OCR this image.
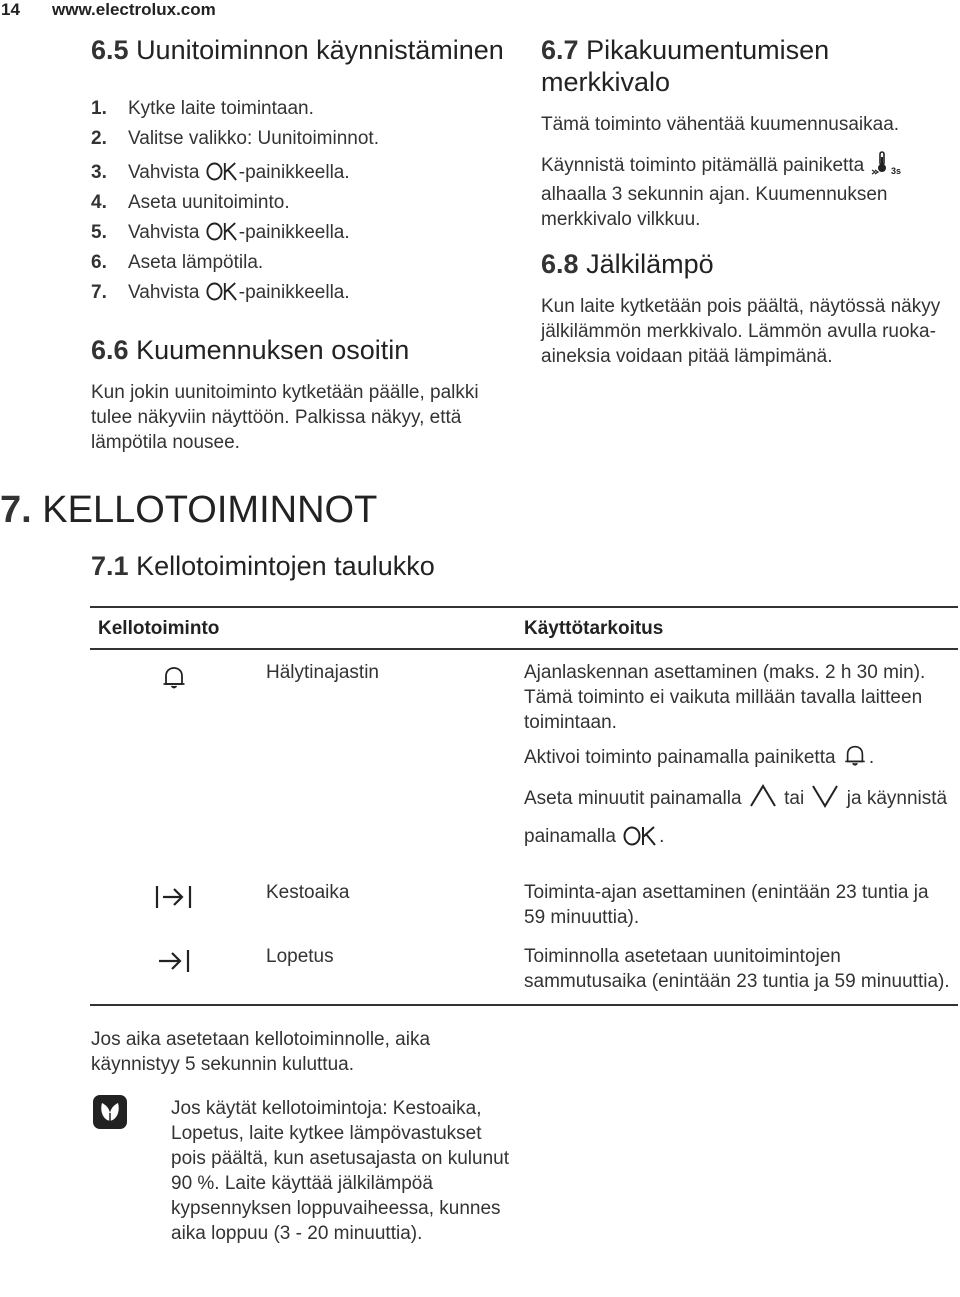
14 www.electrolux.com
6.5 Uunitoiminnon käynnistäminen
1. Kytke laite toimintaan.
2. Valitse valikko: Uunitoiminnot.
3. Vahvista -painikkeella.
4. Aseta uunitoiminto.
5. Vahvista -painikkeella.
6. Aseta lämpötila.
7. Vahvista -painikkeella.
6.6 Kuumennuksen osoitin

Kun jokin uunitoiminto kytketään päälle, palkki tulee näkyviin näyttöön. Palkissa näkyy, että lämpötila nousee.

6.7 Pikakuumentumisen merkkivalo

Tämä toiminto vähentää kuumennusaikaa.

Käynnistä toiminto pitämällä painiketta 3s
alhaalla 3 sekunnin ajan. Kuumennuksen merkkivalo vilkkuu.

6.8 Jälkilämpö

Kun laite kytketään pois päältä, näytössä näkyy jälkilämmön merkkivalo. Lämmön avulla ruoka-aineksia voidaan pitää lämpimänä.

7. KELLOTOIMINNOT
7.1 Kellotoimintojen taulukko
Kellotoiminto		Käyttötarkoitus
	Hälytinajastin	Ajanlaskennan asettaminen (maks. 2 h 30 min). Tämä toiminto ei vaikuta millään tavalla laitteen toimintaan.

Aktivoi toiminto painamalla painiketta .

Aseta minuutit painamalla  tai  ja käynnistä painamalla .

	Kestoaika	Toiminta-ajan asettaminen (enintään 23 tuntia ja 59 minuuttia).
	Lopetus	Toiminnolla asetetaan uunitoimintojen sammutusaika (enintään 23 tuntia ja 59 minuuttia).

Jos aika asetetaan kellotoiminnolle, aika käynnistyy 5 sekunnin kuluttua.

Jos käytät kellotoimintoja: Kestoaika, Lopetus, laite kytkee lämpövastukset pois päältä, kun asetusajasta on kulunut 90 %. Laite käyttää jälkilämpöä kypsennyksen loppuvaiheessa, kunnes aika loppuu (3 - 20 minuuttia).
